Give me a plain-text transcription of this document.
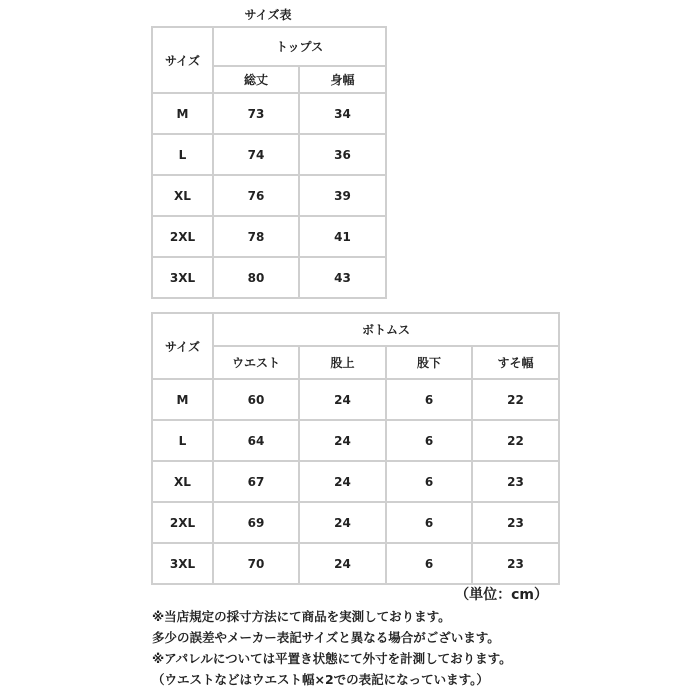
サイズ表
サイズ	トップス	
	総丈	身幅
M	73	34
L	74	36
XL	76	39
2XL	78	41
3XL	80	43
サイズ	ボトムス			
	ウエスト	股上	股下	すそ幅
M	60	24	6	22
L	64	24	6	22
XL	67	24	6	23
2XL	69	24	6	23
3XL	70	24	6	23
（単位：cm）
※当店規定の採寸方法にて商品を実測しております。
多少の誤差やメーカー表記サイズと異なる場合がございます。
※アパレルについては平置き状態にて外寸を計測しております。
（ウエストなどはウエスト幅×2での表記になっています。）
